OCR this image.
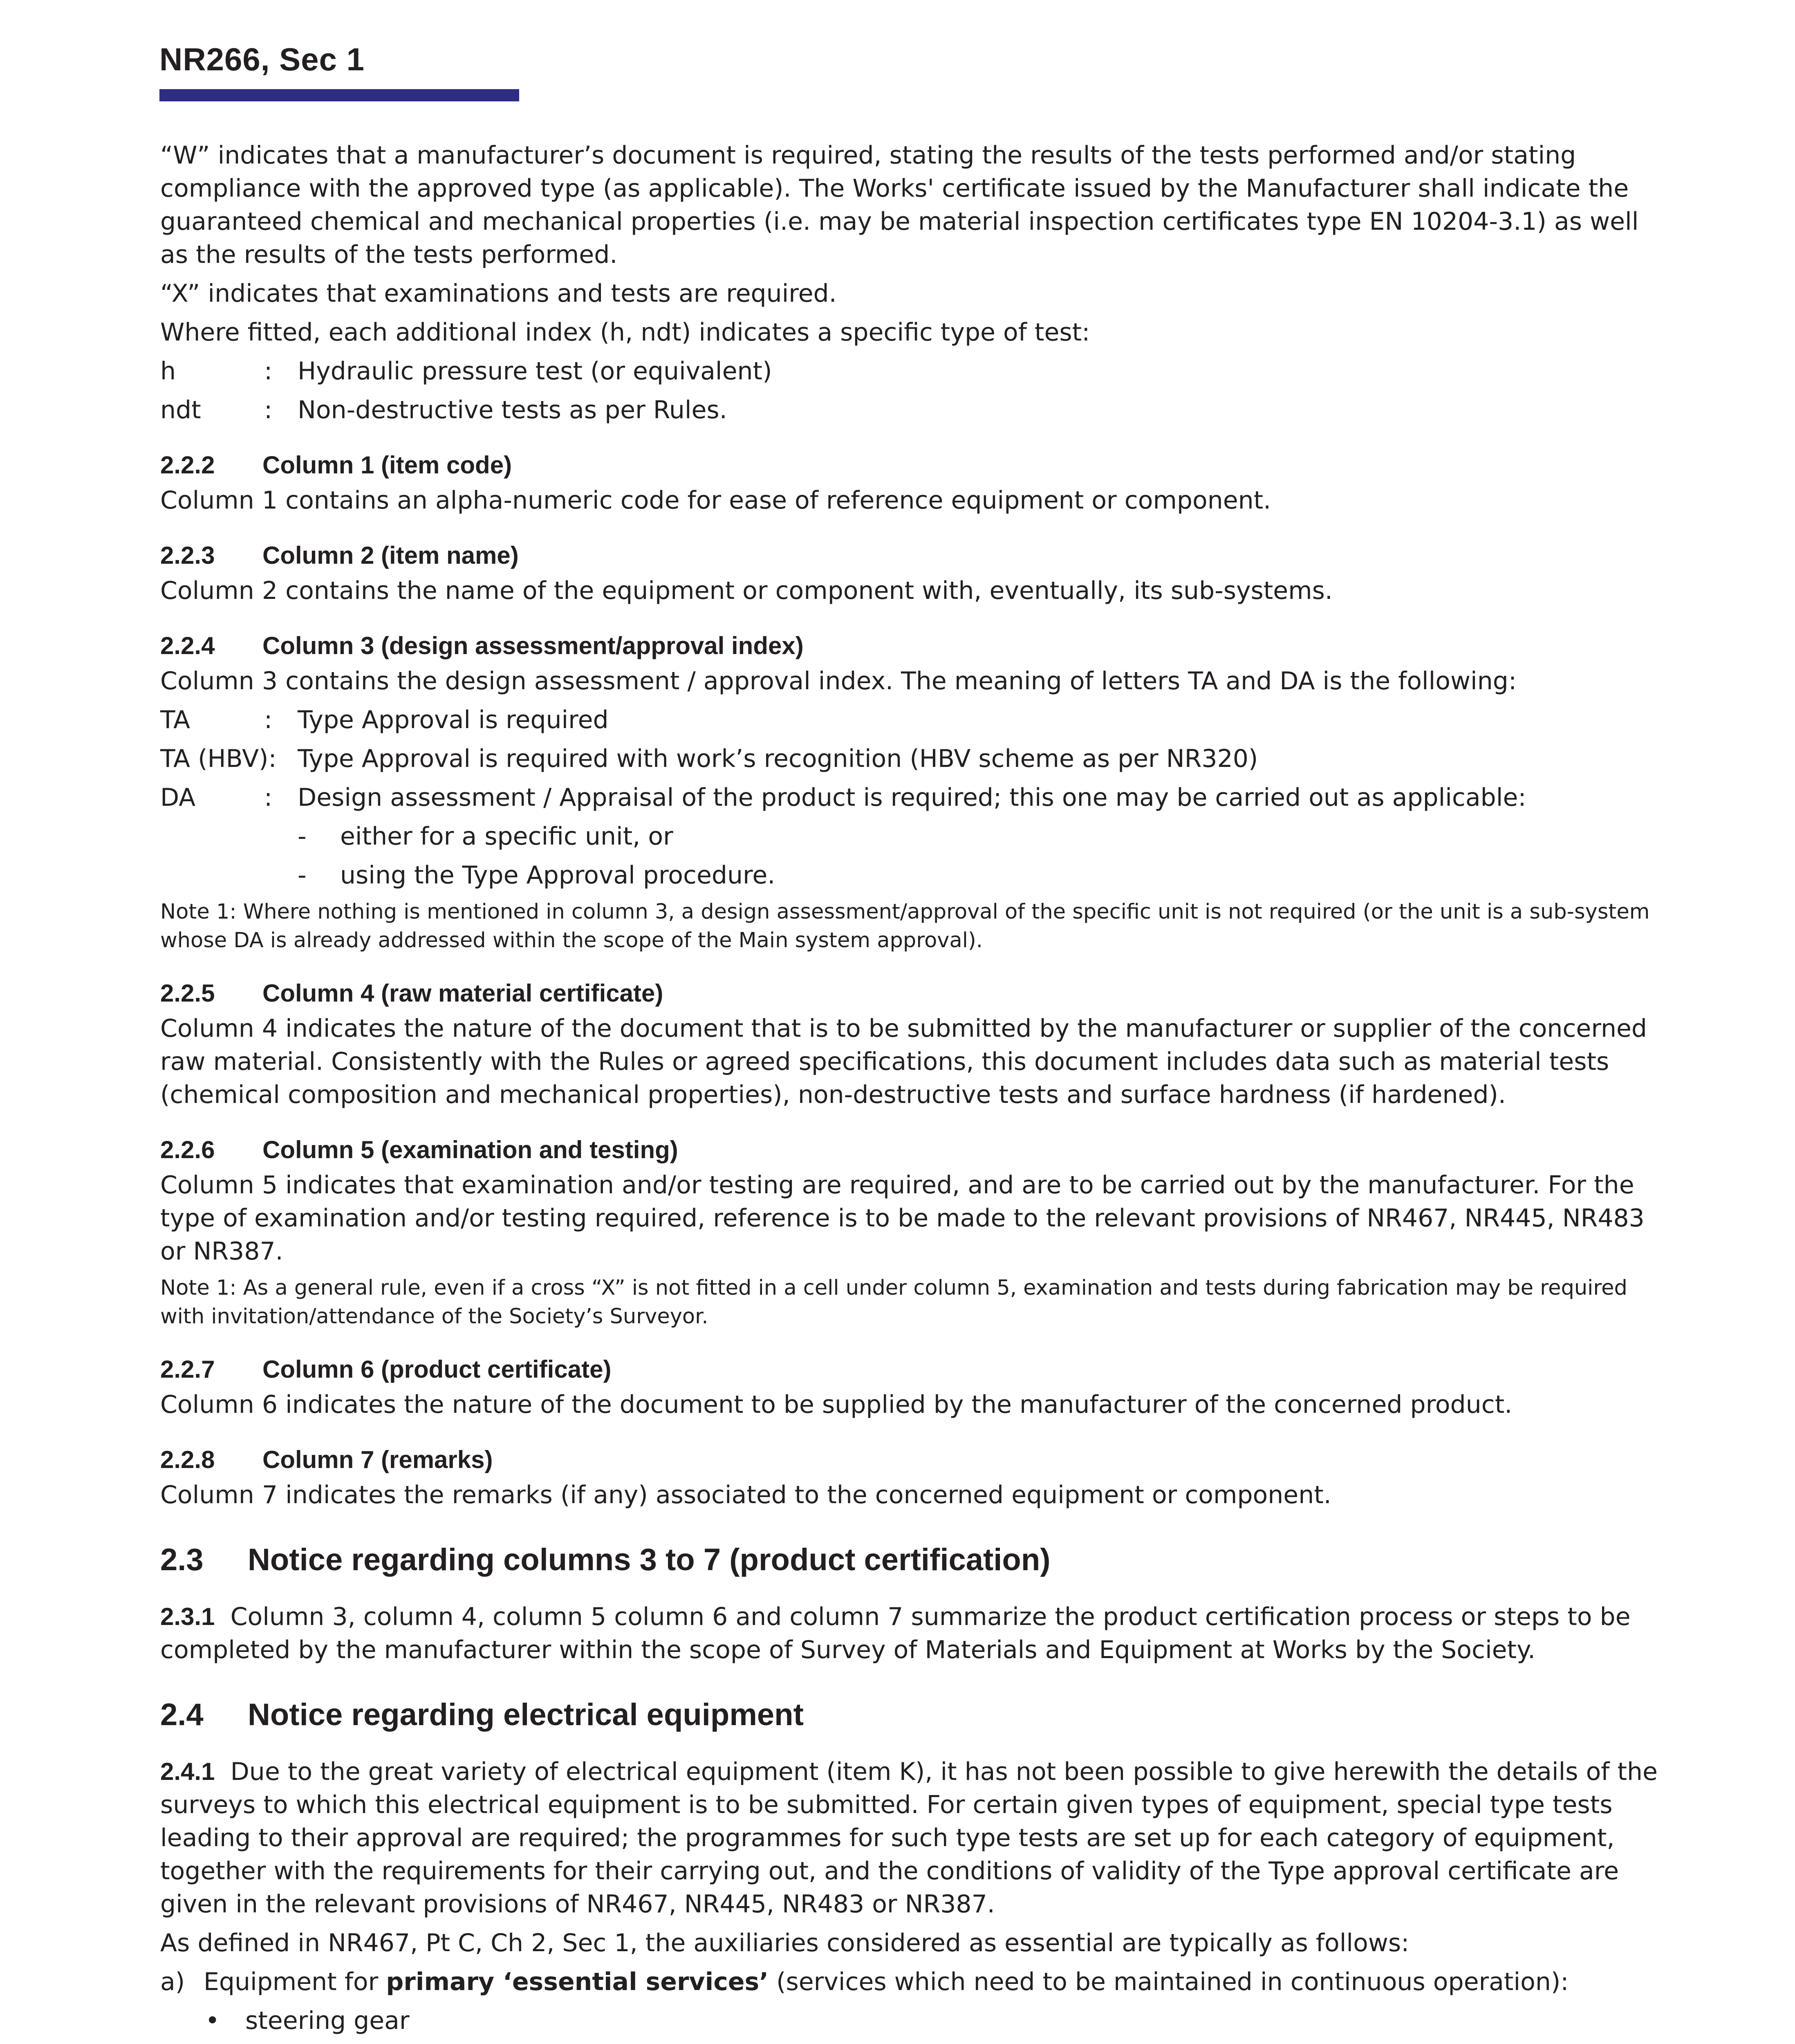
NR266, Sec 1

“W” indicates that a manufacturer’s document is required, stating the results of the tests performed and/or stating compliance with the approved type (as applicable). The Works' certificate issued by the Manufacturer shall indicate the guaranteed chemical and mechanical properties (i.e. may be material inspection certificates type EN 10204-3.1) as well as the results of the tests performed.

“X” indicates that examinations and tests are required.

Where fitted, each additional index (h, ndt) indicates a specific type of test:

h	:	Hydraulic pressure test (or equivalent)
ndt	:	Non-destructive tests as per Rules.
2.2.2	Column 1 (item code)

Column 1 contains an alpha-numeric code for ease of reference equipment or component.

2.2.3	Column 2 (item name)

Column 2 contains the name of the equipment or component with, eventually, its sub-systems.

2.2.4	Column 3 (design assessment/approval index)

Column 3 contains the design assessment / approval index. The meaning of letters TA and DA is the following:

TA	:	Type Approval is required
TA (HBV): Type Approval is required with work’s recognition (HBV scheme as per NR320)
DA	:	Design assessment / Appraisal of the product is required; this one may be carried out as applicable:
-	either for a specific unit, or
-	using the Type Approval procedure.

Note 1: Where nothing is mentioned in column 3, a design assessment/approval of the specific unit is not required (or the unit is a sub-system whose DA is already addressed within the scope of the Main system approval).

2.2.5	Column 4 (raw material certificate)

Column 4 indicates the nature of the document that is to be submitted by the manufacturer or supplier of the concerned raw material. Consistently with the Rules or agreed specifications, this document includes data such as material tests (chemical composition and mechanical properties), non-destructive tests and surface hardness (if hardened).

2.2.6	Column 5 (examination and testing)

Column 5 indicates that examination and/or testing are required, and are to be carried out by the manufacturer. For the type of examination and/or testing required, reference is to be made to the relevant provisions of NR467, NR445, NR483 or NR387.

Note 1: As a general rule, even if a cross “X” is not fitted in a cell under column 5, examination and tests during fabrication may be required with invitation/attendance of the Society’s Surveyor.

2.2.7	Column 6 (product certificate)

Column 6 indicates the nature of the document to be supplied by the manufacturer of the concerned product.

2.2.8	Column 7 (remarks)

Column 7 indicates the remarks (if any) associated to the concerned equipment or component.

2.3	Notice regarding columns 3 to 7 (product certification)

2.3.1 Column 3, column 4, column 5 column 6 and column 7 summarize the product certification process or steps to be completed by the manufacturer within the scope of Survey of Materials and Equipment at Works by the Society.

2.4	Notice regarding electrical equipment

2.4.1 Due to the great variety of electrical equipment (item K), it has not been possible to give herewith the details of the surveys to which this electrical equipment is to be submitted. For certain given types of equipment, special type tests leading to their approval are required; the programmes for such type tests are set up for each category of equipment, together with the requirements for their carrying out, and the conditions of validity of the Type approval certificate are given in the relevant provisions of NR467, NR445, NR483 or NR387.

As defined in NR467, Pt C, Ch 2, Sec 1, the auxiliaries considered as essential are typically as follows:

a) Equipment for primary ‘essential services’ (services which need to be maintained in continuous operation):
•	steering gear
